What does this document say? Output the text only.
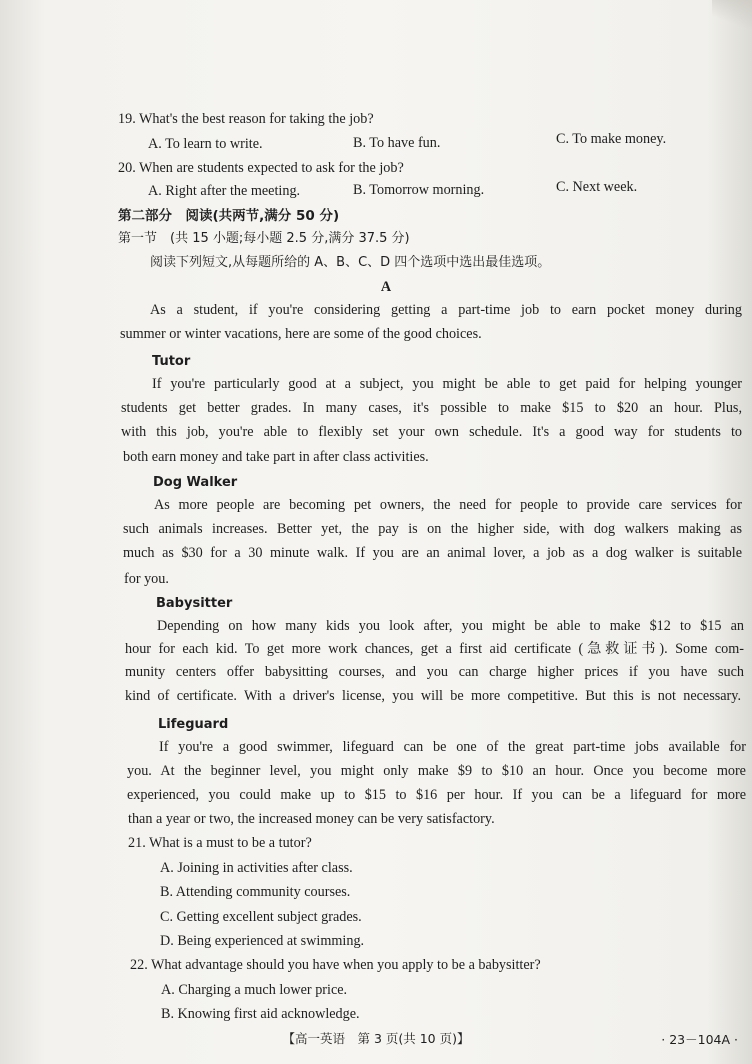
19. What's the best reason for taking the job?
A. To learn to write.	B. To have fun.	C. To make money.
20. When are students expected to ask for the job?
A. Right after the meeting.	B. Tomorrow morning.	C. Next week.
第二部分　阅读(共两节,满分 50 分)
第一节　(共 15 小题;每小题 2.5 分,满分 37.5 分)
阅读下列短文,从每题所给的 A、B、C、D 四个选项中选出最佳选项。
A
As a student, if you're considering getting a part-time job to earn pocket money during
summer or winter vacations, here are some of the good choices.
Tutor
If you're particularly good at a subject, you might be able to get paid for helping younger
students get better grades. In many cases, it's possible to make $15 to $20 an hour. Plus,
with this job, you're able to flexibly set your own schedule. It's a good way for students to
both earn money and take part in after class activities.
Dog Walker
As more people are becoming pet owners, the need for people to provide care services for
such animals increases. Better yet, the pay is on the higher side, with dog walkers making as
much as $30 for a 30 minute walk. If you are an animal lover, a job as a dog walker is suitable
for you.
Babysitter
Depending on how many kids you look after, you might be able to make $12 to $15 an
hour for each kid. To get more work chances, get a first aid certificate (急救证书). Some com-
munity centers offer babysitting courses, and you can charge higher prices if you have such
kind of certificate. With a driver's license, you will be more competitive. But this is not necessary.
Lifeguard
If you're a good swimmer, lifeguard can be one of the great part-time jobs available for
you. At the beginner level, you might only make $9 to $10 an hour. Once you become more
experienced, you could make up to $15 to $16 per hour. If you can be a lifeguard for more
than a year or two, the increased money can be very satisfactory.
21. What is a must to be a tutor?
A. Joining in activities after class.
B. Attending community courses.
C. Getting excellent subject grades.
D. Being experienced at swimming.
22. What advantage should you have when you apply to be a babysitter?
A. Charging a much lower price.
B. Knowing first aid acknowledge.
【高一英语　第 3 页(共 10 页)】	· 23－104A ·
